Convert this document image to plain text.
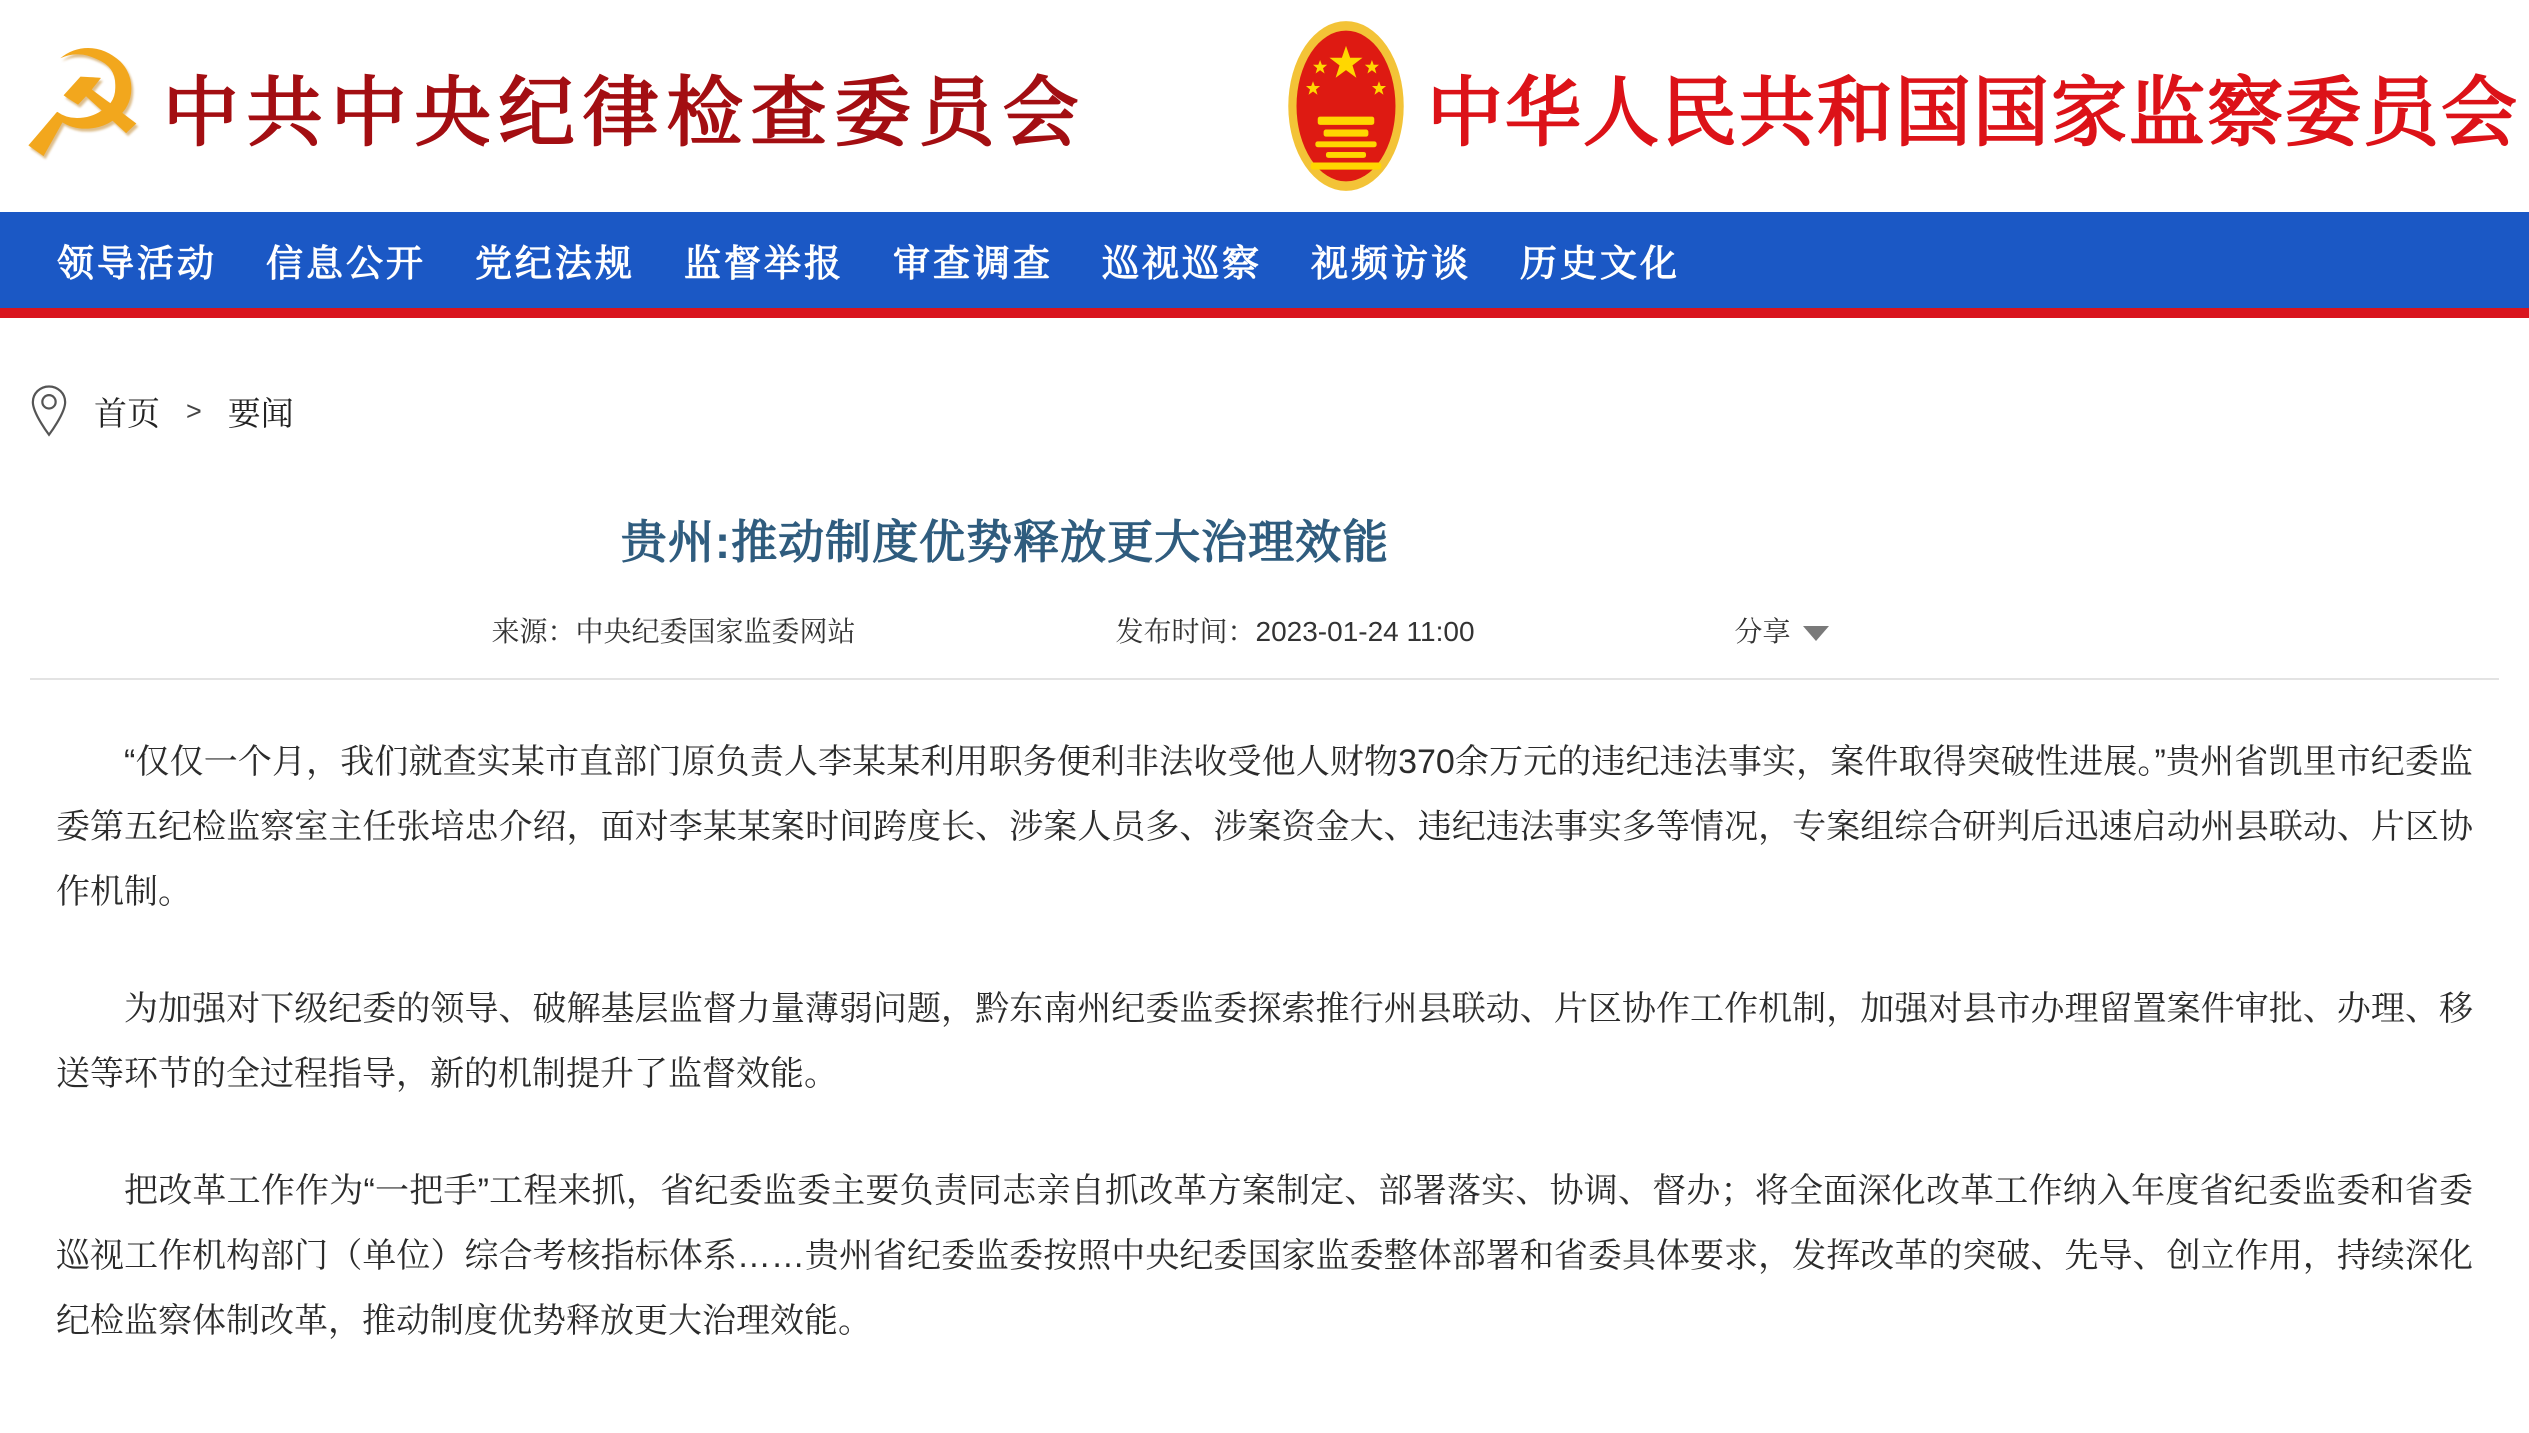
☭ 中共中央纪律检查委员会	中华人民共和国国家监察委员会
领导活动 信息公开 党纪法规 监督举报 审查调查 巡视巡察 视频访谈 历史文化
首页 > 要闻
贵州:推动制度优势释放更大治理效能
来源：中央纪委国家监委网站	发布时间：2023-01-24 11:00	分享

“仅仅一个月，我们就查实某市直部门原负责人李某某利用职务便利非法收受他人财物370余万元的违纪违法事实，案件取得突破性进展。”贵州省凯里市纪委监委第五纪检监察室主任张培忠介绍，面对李某某案时间跨度长、涉案人员多、涉案资金大、违纪违法事实多等情况，专案组综合研判后迅速启动州县联动、片区协作机制。

为加强对下级纪委的领导、破解基层监督力量薄弱问题，黔东南州纪委监委探索推行州县联动、片区协作工作机制，加强对县市办理留置案件审批、办理、移送等环节的全过程指导，新的机制提升了监督效能。

把改革工作作为“一把手”工程来抓，省纪委监委主要负责同志亲自抓改革方案制定、部署落实、协调、督办；将全面深化改革工作纳入年度省纪委监委和省委巡视工作机构部门（单位）综合考核指标体系……贵州省纪委监委按照中央纪委国家监委整体部署和省委具体要求，发挥改革的突破、先导、创立作用，持续深化纪检监察体制改革，推动制度优势释放更大治理效能。
